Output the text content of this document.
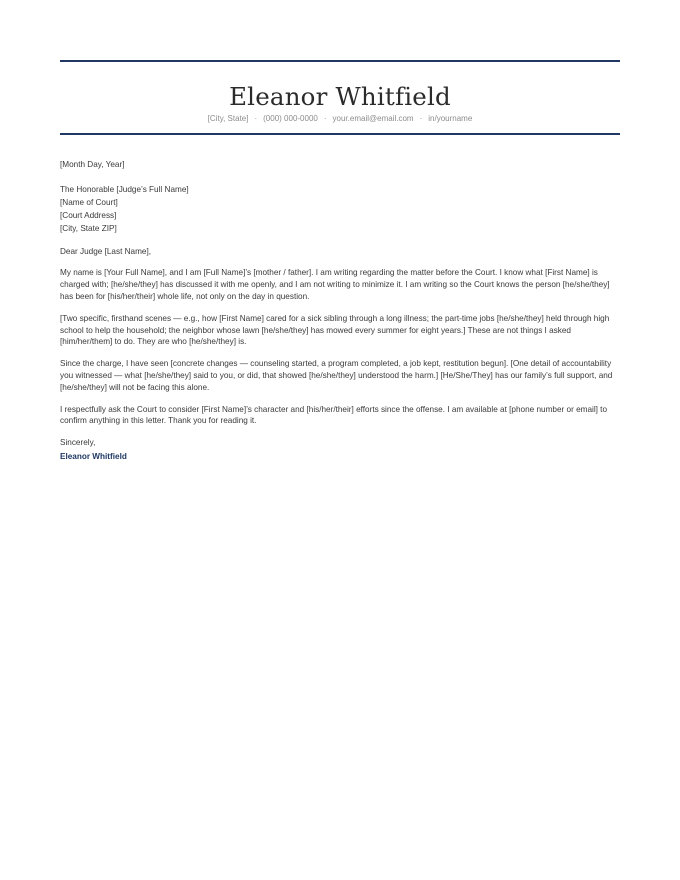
Eleanor Whitfield
[City, State] · (000) 000-0000 · your.email@email.com · in/yourname

[Month Day, Year]

The Honorable [Judge’s Full Name]
[Name of Court]
[Court Address]
[City, State ZIP]

Dear Judge [Last Name],

My name is [Your Full Name], and I am [Full Name]’s [mother / father]. I am writing regarding the matter before the Court. I know what [First Name] is charged with; [he/she/they] has discussed it with me openly, and I am not writing to minimize it. I am writing so the Court knows the person [he/she/they] has been for [his/her/their] whole life, not only on the day in question.

[Two specific, firsthand scenes — e.g., how [First Name] cared for a sick sibling through a long illness; the part-time jobs [he/she/they] held through high school to help the household; the neighbor whose lawn [he/she/they] has mowed every summer for eight years.] These are not things I asked [him/her/them] to do. They are who [he/she/they] is.

Since the charge, I have seen [concrete changes — counseling started, a program completed, a job kept, restitution begun]. [One detail of accountability you witnessed — what [he/she/they] said to you, or did, that showed [he/she/they] understood the harm.] [He/She/They] has our family’s full support, and [he/she/they] will not be facing this alone.

I respectfully ask the Court to consider [First Name]’s character and [his/her/their] efforts since the offense. I am available at [phone number or email] to confirm anything in this letter. Thank you for reading it.

Sincerely,

Eleanor Whitfield
